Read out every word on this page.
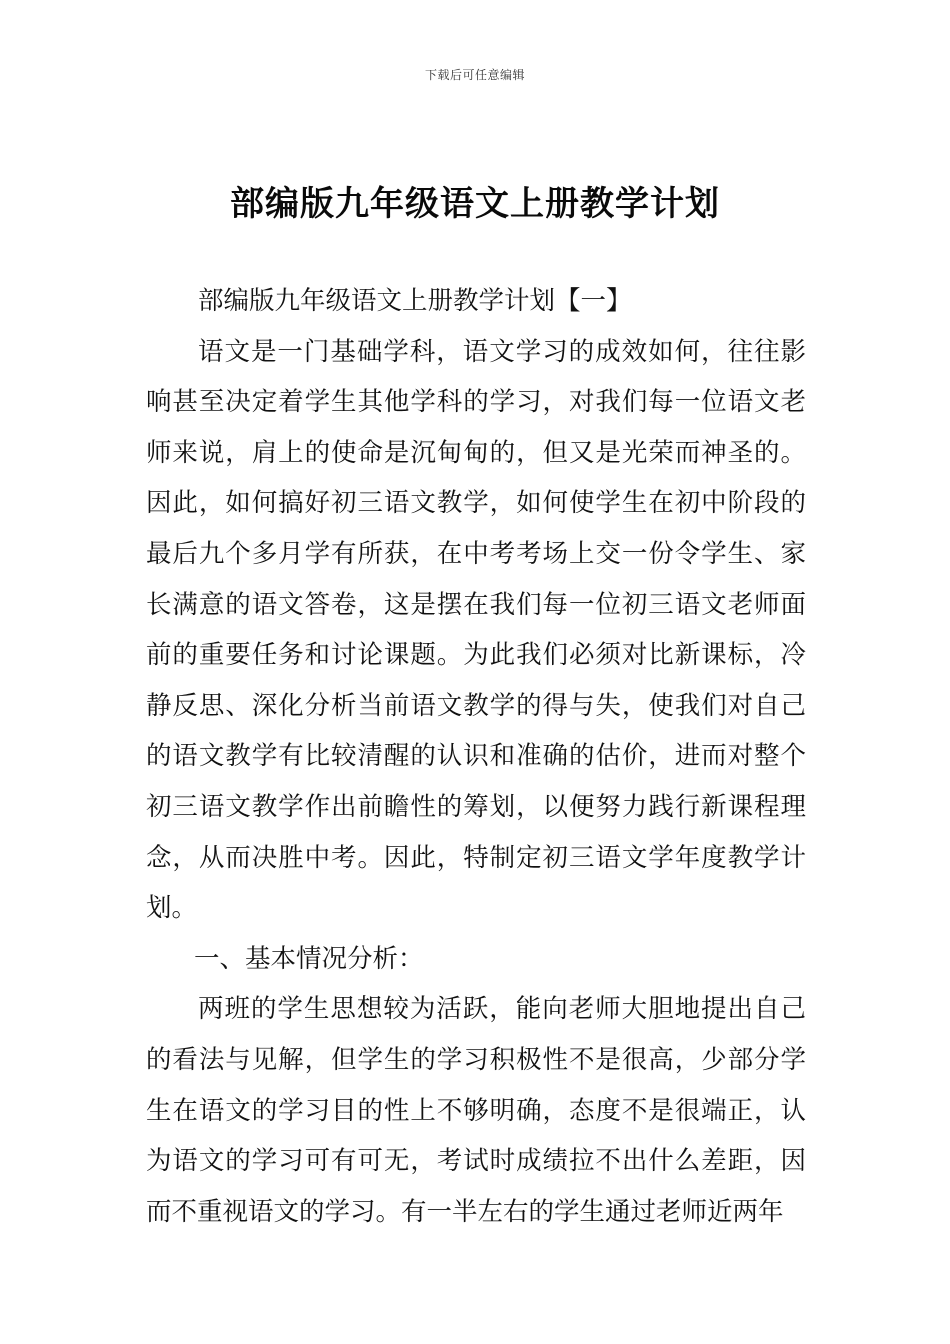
下载后可任意编辑
部编版九年级语文上册教学计划

部编版九年级语文上册教学计划【一】

语文是一门基础学科，语文学习的成效如何，往往影响甚至决定着学生其他学科的学习，对我们每一位语文老师来说，肩上的使命是沉甸甸的，但又是光荣而神圣的。因此，如何搞好初三语文教学，如何使学生在初中阶段的最后九个多月学有所获，在中考考场上交一份令学生、家长满意的语文答卷，这是摆在我们每一位初三语文老师面前的重要任务和讨论课题。为此我们必须对比新课标，冷静反思、深化分析当前语文教学的得与失，使我们对自己的语文教学有比较清醒的认识和准确的估价，进而对整个初三语文教学作出前瞻性的筹划，以便努力践行新课程理念，从而决胜中考。因此，特制定初三语文学年度教学计划。

一、基本情况分析：

两班的学生思想较为活跃，能向老师大胆地提出自己的看法与见解，但学生的学习积极性不是很高，少部分学生在语文的学习目的性上不够明确，态度不是很端正，认为语文的学习可有可无，考试时成绩拉不出什么差距，因而不重视语文的学习。有一半左右的学生通过老师近两年
